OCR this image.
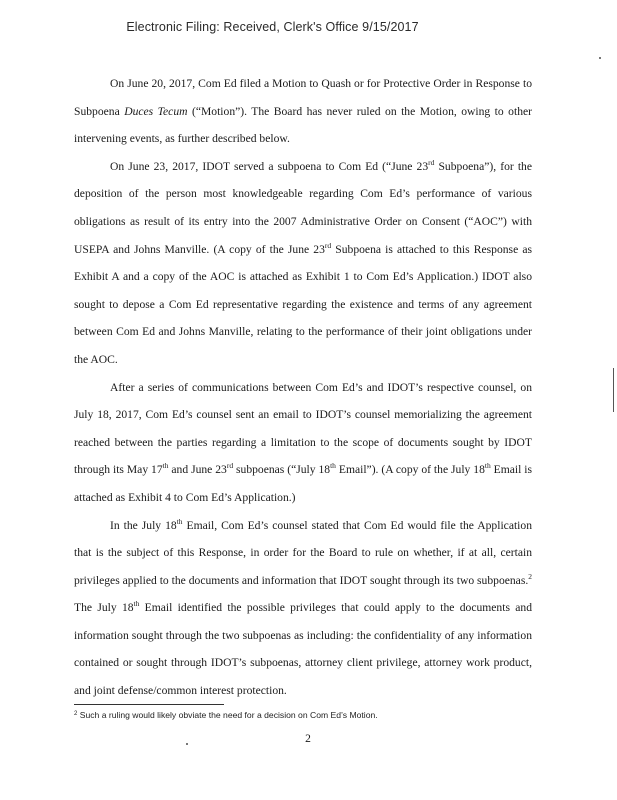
Electronic Filing: Received, Clerk's Office 9/15/2017

On June 20, 2017, Com Ed filed a Motion to Quash or for Protective Order in Response to Subpoena Duces Tecum (“Motion”). The Board has never ruled on the Motion, owing to other intervening events, as further described below.

On June 23, 2017, IDOT served a subpoena to Com Ed (“June 23rd Subpoena”), for the deposition of the person most knowledgeable regarding Com Ed’s performance of various obligations as result of its entry into the 2007 Administrative Order on Consent (“AOC”) with USEPA and Johns Manville. (A copy of the June 23rd Subpoena is attached to this Response as Exhibit A and a copy of the AOC is attached as Exhibit 1 to Com Ed’s Application.) IDOT also sought to depose a Com Ed representative regarding the existence and terms of any agreement between Com Ed and Johns Manville, relating to the performance of their joint obligations under the AOC.

After a series of communications between Com Ed’s and IDOT’s respective counsel, on July 18, 2017, Com Ed’s counsel sent an email to IDOT’s counsel memorializing the agreement reached between the parties regarding a limitation to the scope of documents sought by IDOT through its May 17th and June 23rd subpoenas (“July 18th Email”). (A copy of the July 18th Email is attached as Exhibit 4 to Com Ed’s Application.)

In the July 18th Email, Com Ed’s counsel stated that Com Ed would file the Application that is the subject of this Response, in order for the Board to rule on whether, if at all, certain privileges applied to the documents and information that IDOT sought through its two subpoenas.$^2$ The July 18th Email identified the possible privileges that could apply to the documents and information sought through the two subpoenas as including: the confidentiality of any information contained or sought through IDOT’s subpoenas, attorney client privilege, attorney work product, and joint defense/common interest protection.

$^2$ Such a ruling would likely obviate the need for a decision on Com Ed’s Motion.
2
